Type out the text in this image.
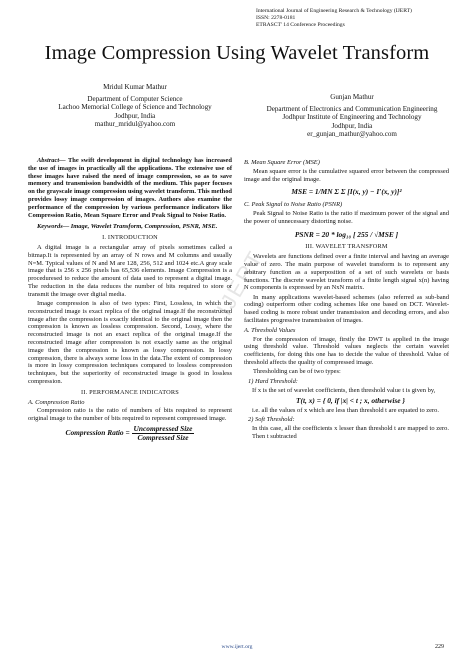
International Journal of Engineering Research & Technology (IJERT)
ISSN: 2278-0181
ETRASCT' 14 Conference Proceedings
Image Compression Using Wavelet Transform
Mridul Kumar Mathur
Department of Computer Science
Lachoo Memorial College of Science and Technology
Jodhpur, India
mathur_mridul@yahoo.com
Gunjan Mathur
Department of Electronics and Communication Engineering
Jodhpur Institute of Engineering and Technology
Jodhpur, India
er_gunjan_mathur@yahoo.com
IJERT

Abstract— The swift development in digital technology has increased the use of images in practically all the applications. The extensive use of these images have raised the need of image compression, so as to save memory and transmission bandwidth of the medium. This paper focuses on the grayscale image compression using wavelet transform. This method provides lossy image compression of images. Authors also examine the performance of the compression by various performance indicators like Compression Ratio, Mean Square Error and Peak Signal to Noise Ratio.

Keywords— Image, Wavelet Transform, Compression, PSNR, MSE.

I. INTRODUCTION

A digital image is a rectangular array of pixels sometimes called a bitmap.It is represented by an array of N rows and M columns and usually N=M. Typical values of N and M are 128, 256, 512 and 1024 etc.A gray scale image that is 256 x 256 pixels has 65,536 elements. Image Compression is a proceduresed to reduce the amount of data used to represent a digital image. The reduction in the data reduces the number of bits required to store or transmit the image over digital media.

Image compression is also of two types: First, Lossless, in which the reconstructed image is exact replica of the original image.If the reconstructed image after the compression is exactly identical to the original image then the compression is known as lossless compression. Second, Lossy, where the reconstructed image is not an exact replica of the original image.If the reconstructed image after compression is not exactly same as the original image then the compression is known as lossy compression. In lossy compression, there is always some loss in the data.The extent of compression is more in lossy compression techniques compared to lossless compression techniques, but the superiority of reconstructed image is good in lossless compression.

II. PERFORMANCE INDICATORS
A. Compression Ratio

Compression ratio is the ratio of numbers of bits required to represent original image to the number of bits required to represent compressed image.

Compression Ratio = $\frac{\text{Uncompressed Size}}{\text{Compressed Size}}$
B. Mean Square Error (MSE)

Mean square error is the cumulative squared error between the compressed image and the original image.

MSE = 1/MN Σ Σ [I(x, y) − I′(x, y)]²
C. Peak Signal to Noise Ratio (PSNR)

Peak Signal to Noise Ratio is the ratio if maximum power of the signal and the power of unnecessary distorting noise.

PSNR = 20 * log₁₀ [ 255 / √MSE ]
III. WAVELET TRANSFORM

Wavelets are functions defined over a finite interval and having an average value of zero. The main purpose of wavelet transform is to represent any arbitrary function as a superposition of a set of such wavelets or basis functions. The discrete wavelet transform of a finite length signal x(n) having N components is expressed by an NxN matrix.

In many applications wavelet-based schemes (also referred as sub-band coding) outperform other coding schemes like one based on DCT. Wavelet-based coding is more robust under transmission and decoding errors, and also facilitates progressive transmission of images.

A. Threshold Values

For the compression of image, firstly the DWT is applied in the image using threshold value. Threshold values neglects the certain wavelet coefficients, for doing this one has to decide the value of threshold. Value of threshold affects the quality of compressed image.

Thresholding can be of two types:

1) Hard Threshold:

If x is the set of wavelet coefficients, then threshold value t is given by,

T(t, x) = { 0, if |x| < t ; x, otherwise }

i.e. all the values of x which are less than threshold t are equated to zero.

2) Soft Threshold:

In this case, all the coefficients x lesser than threshold t are mapped to zero. Then t subtracted

www.ijert.org	229
